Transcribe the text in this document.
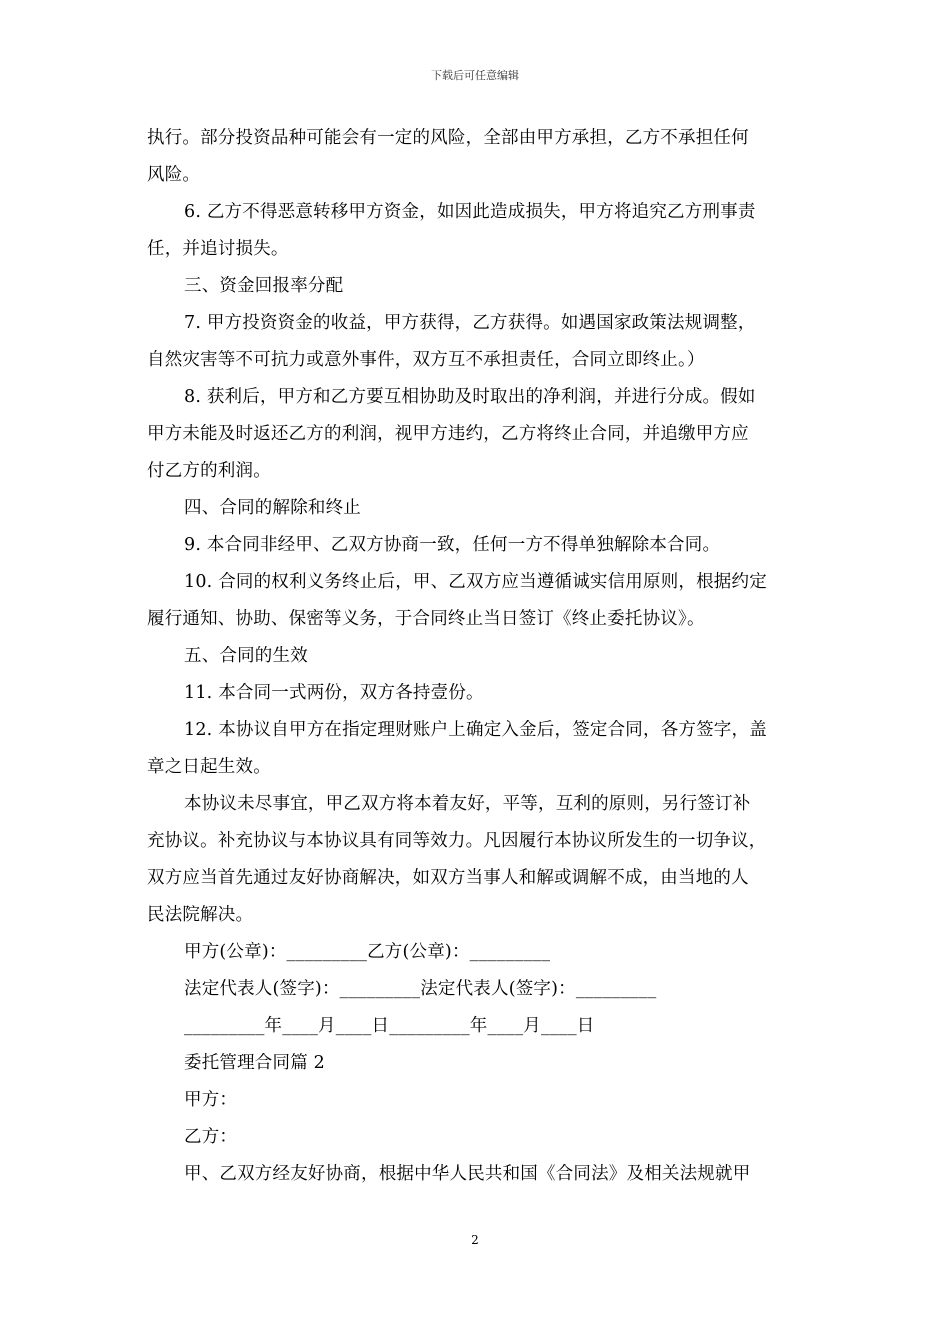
下载后可任意编辑
执行。部分投资品种可能会有一定的风险，全部由甲方承担，乙方不承担任何
风险。
6. 乙方不得恶意转移甲方资金，如因此造成损失，甲方将追究乙方刑事责
任，并追讨损失。
三、资金回报率分配
7. 甲方投资资金的收益，甲方获得，乙方获得。如遇国家政策法规调整，
自然灾害等不可抗力或意外事件，双方互不承担责任，合同立即终止。）
8. 获利后，甲方和乙方要互相协助及时取出的净利润，并进行分成。假如
甲方未能及时返还乙方的利润，视甲方违约，乙方将终止合同，并追缴甲方应
付乙方的利润。
四、合同的解除和终止
9. 本合同非经甲、乙双方协商一致，任何一方不得单独解除本合同。
10. 合同的权利义务终止后，甲、乙双方应当遵循诚实信用原则，根据约定
履行通知、协助、保密等义务，于合同终止当日签订《终止委托协议》。
五、合同的生效
11. 本合同一式两份，双方各持壹份。
12. 本协议自甲方在指定理财账户上确定入金后，签定合同，各方签字，盖
章之日起生效。
本协议未尽事宜，甲乙双方将本着友好，平等，互利的原则，另行签订补
充协议。补充协议与本协议具有同等效力。凡因履行本协议所发生的一切争议，
双方应当首先通过友好协商解决，如双方当事人和解或调解不成，由当地的人
民法院解决。
甲方(公章)：_________乙方(公章)：_________
法定代表人(签字)：_________法定代表人(签字)：_________
_________年____月____日_________年____月____日
委托管理合同篇 2
甲方：
乙方：
甲、乙双方经友好协商，根据中华人民共和国《合同法》及相关法规就甲
2
